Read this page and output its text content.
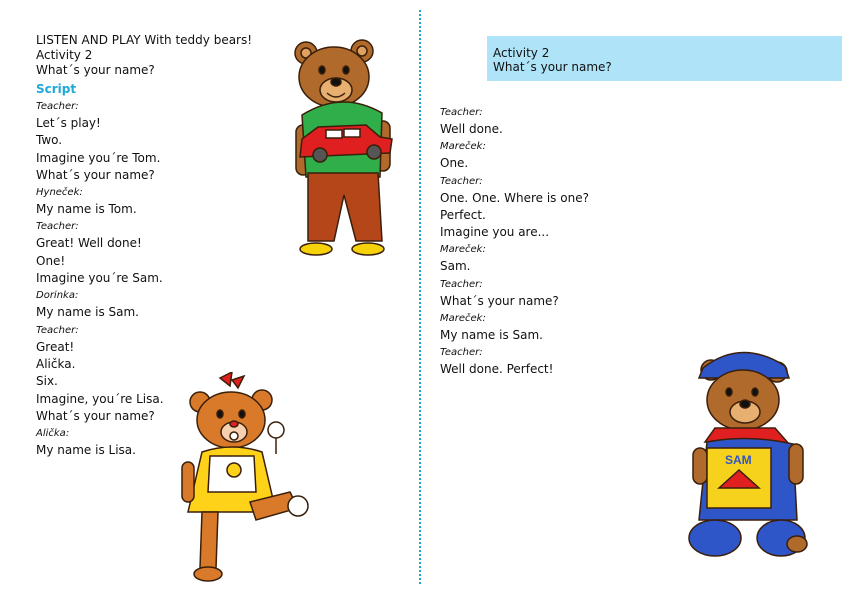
LISTEN AND PLAY With teddy bears!
Activity 2
What´s your name?
Script
Teacher:
Let´s play!
Two.
Imagine you´re Tom.
What´s your name?
Hyneček:
My name is Tom.
Teacher:
Great! Well done!
One!
Imagine you´re Sam.
Dorinka:
My name is Sam.
Teacher:
Great!
Alička.
Six.
Imagine, you´re Lisa.
What´s your name?
Alička:
My name is Lisa.
Activity 2
What´s your name?
Teacher:
Well done.
Mareček:
One.
Teacher:
One. One. Where is one?
Perfect.
Imagine you are...
Mareček:
Sam.
Teacher:
What´s your name?
Mareček:
My name is Sam.
Teacher:
Well done. Perfect!
SAM
